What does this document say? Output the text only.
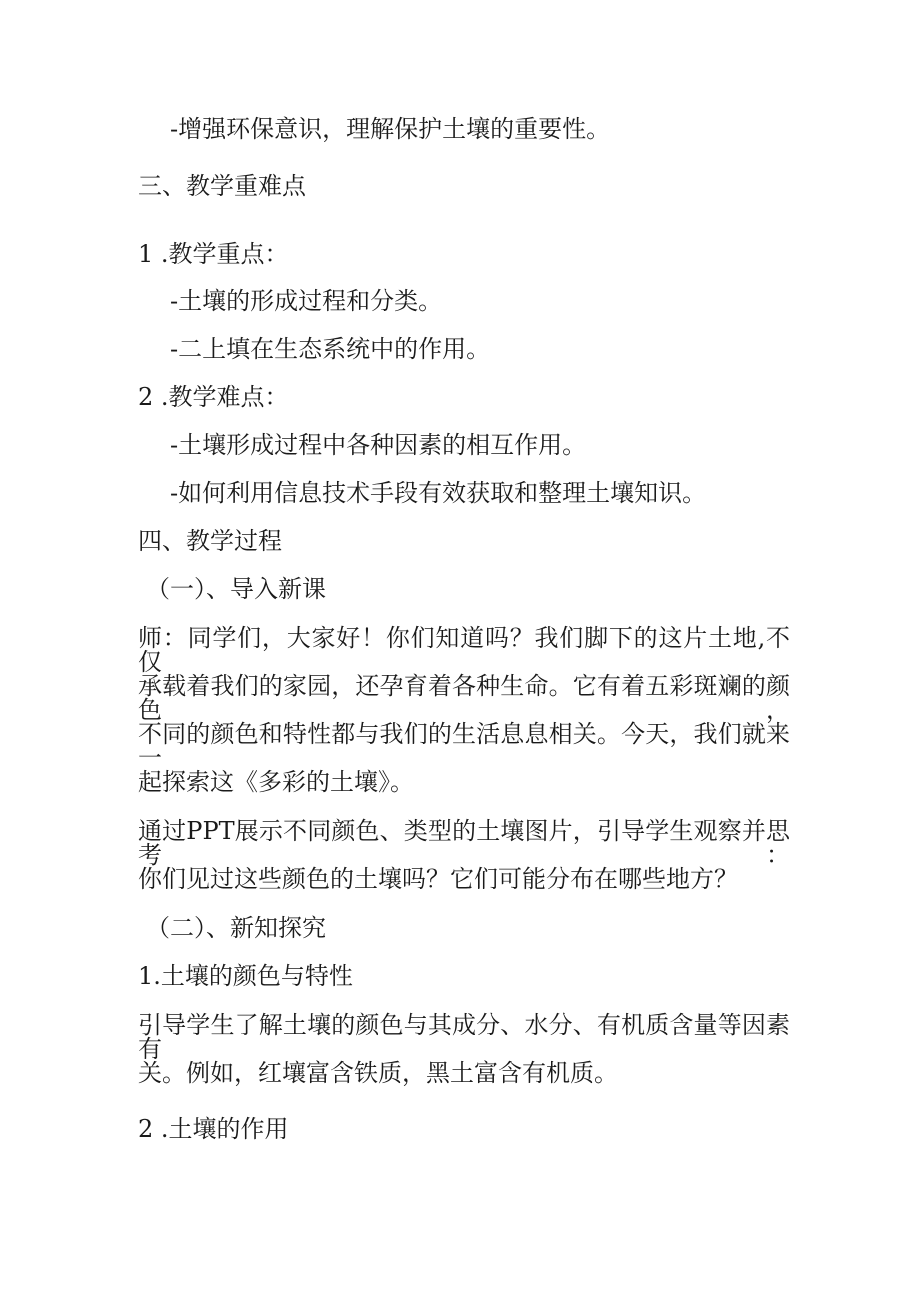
-增强环保意识，理解保护土壤的重要性。
三、教学重难点
1 .教学重点：
-土壤的形成过程和分类。
-二上填在生态系统中的作用。
2 .教学难点：
-土壤形成过程中各种因素的相互作用。
-如何利用信息技术手段有效获取和整理土壤知识。
四、教学过程
（一）、导入新课
师：同学们，大家好！你们知道吗？我们脚下的这片土地,不仅
承载着我们的家园，还孕育着各种生命。它有着五彩斑斓的颜色，
不同的颜色和特性都与我们的生活息息相关。今天，我们就来一
起探索这《多彩的土壤》。
通过PPT展示不同颜色、类型的土壤图片，引导学生观察并思考：
你们见过这些颜色的土壤吗？它们可能分布在哪些地方？
（二）、新知探究
1.土壤的颜色与特性
引导学生了解土壤的颜色与其成分、水分、有机质含量等因素有
关。例如，红壤富含铁质，黑土富含有机质。
2 .土壤的作用
